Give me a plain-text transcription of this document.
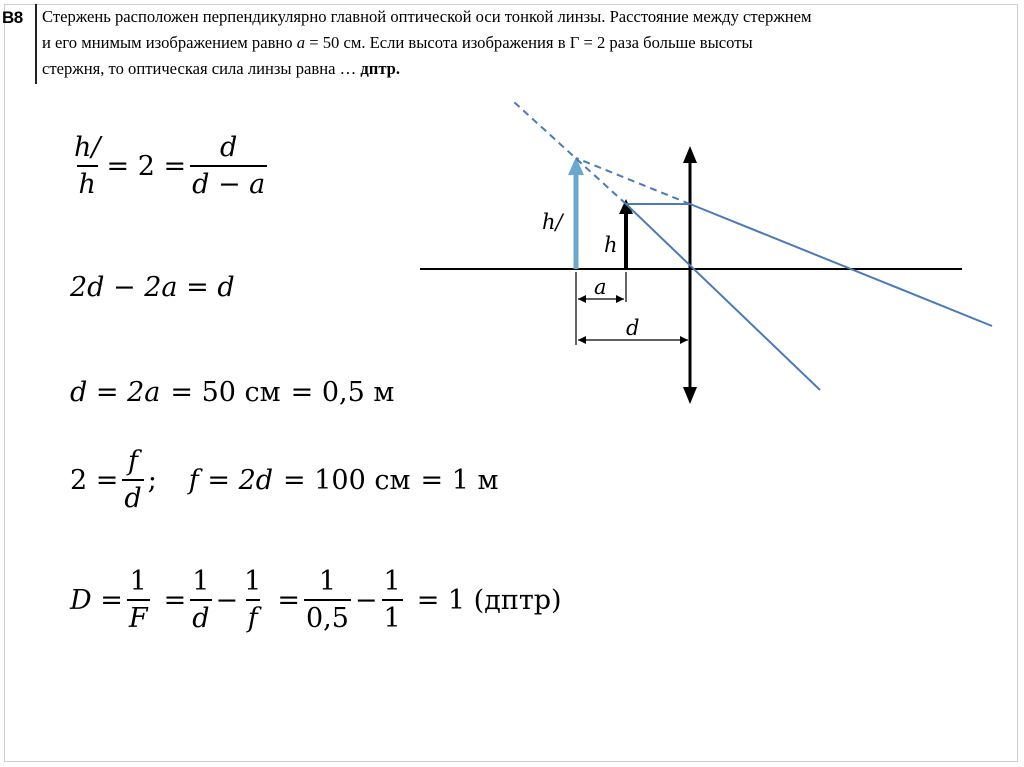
В8 Стержень расположен перпендикулярно главной оптической оси тонкой линзы. Расстояние между стержнем
и его мнимым изображением равно a = 50 см. Если высота изображения в Γ = 2 раза больше высоты
стержня, то оптическая сила линзы равна … дптр.
$\frac{h/}{h} = 2 = \frac{d}{d - a}$
2d − 2a = d
d = 2a = 50 см = 0,5 м
$2 = \frac{f}{d}$ ; f = 2d = 100 см = 1 м
$D = \frac{1}{F} = \frac{1}{d} - \frac{1}{f} = \frac{1}{0,5} - \frac{1}{1} = 1$ (дптр)
h/
h
a
d
